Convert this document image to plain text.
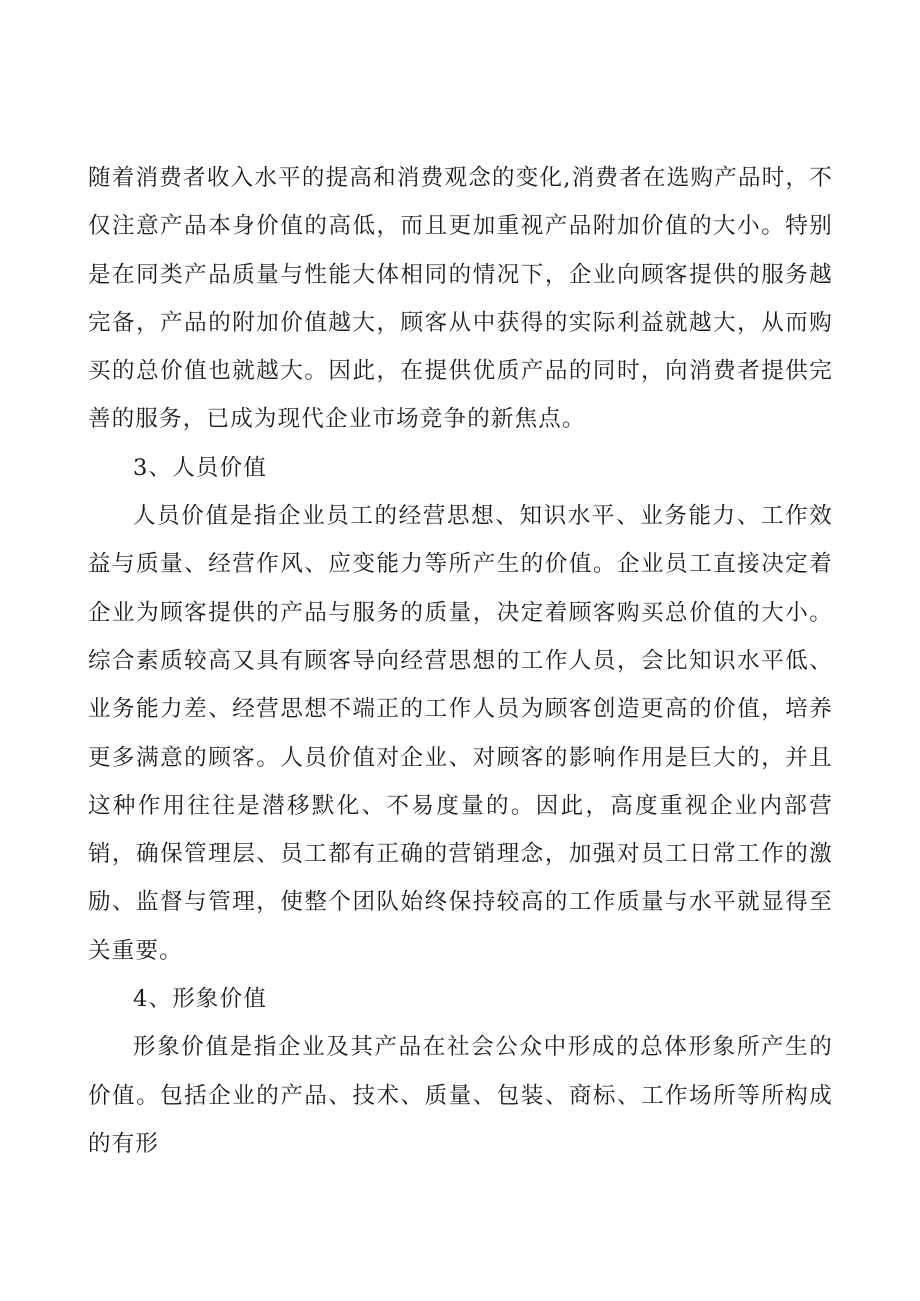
随着消费者收入水平的提高和消费观念的变化,消费者在选购产品时，不仅注意产品本身价值的高低，而且更加重视产品附加价值的大小。特别是在同类产品质量与性能大体相同的情况下，企业向顾客提供的服务越完备，产品的附加价值越大，顾客从中获得的实际利益就越大，从而购买的总价值也就越大。因此，在提供优质产品的同时，向消费者提供完善的服务，已成为现代企业市场竞争的新焦点。

3、人员价值

人员价值是指企业员工的经营思想、知识水平、业务能力、工作效益与质量、经营作风、应变能力等所产生的价值。企业员工直接决定着企业为顾客提供的产品与服务的质量，决定着顾客购买总价值的大小。综合素质较高又具有顾客导向经营思想的工作人员，会比知识水平低、业务能力差、经营思想不端正的工作人员为顾客创造更高的价值，培养更多满意的顾客。人员价值对企业、对顾客的影响作用是巨大的，并且这种作用往往是潜移默化、不易度量的。因此，高度重视企业内部营销，确保管理层、员工都有正确的营销理念，加强对员工日常工作的激励、监督与管理，使整个团队始终保持较高的工作质量与水平就显得至关重要。

4、形象价值

形象价值是指企业及其产品在社会公众中形成的总体形象所产生的价值。包括企业的产品、技术、质量、包装、商标、工作场所等所构成的有形
